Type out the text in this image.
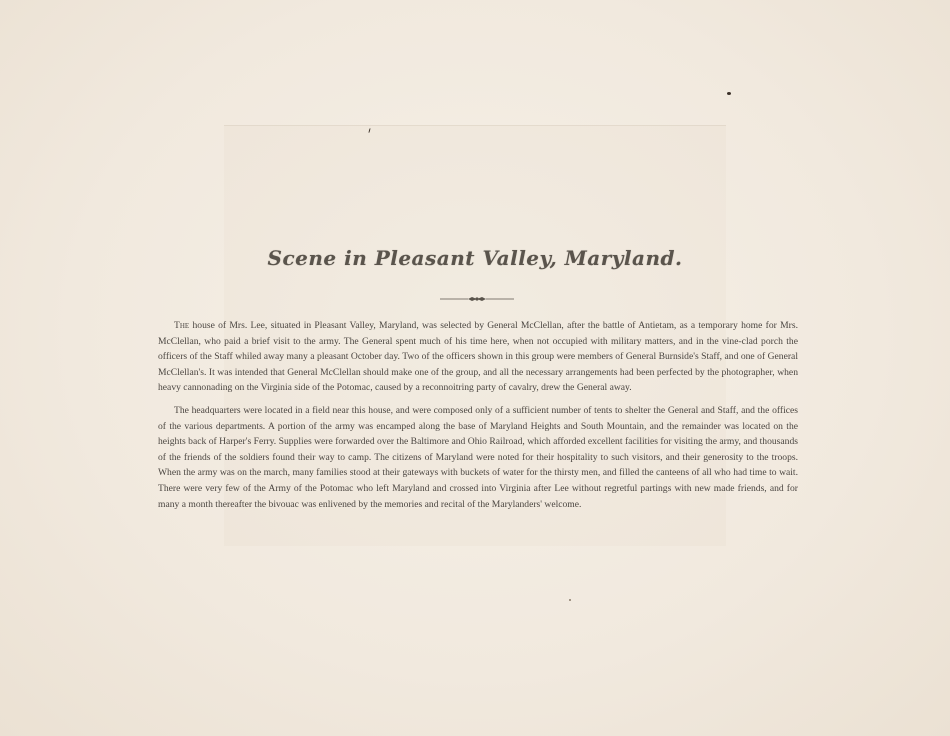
Scene in Pleasant Valley, Maryland.

The house of Mrs. Lee, situated in Pleasant Valley, Maryland, was selected by General McClellan, after the battle of Antietam, as a temporary home for Mrs. McClellan, who paid a brief visit to the army. The General spent much of his time here, when not occupied with military matters, and in the vine-clad porch the officers of the Staff whiled away many a pleasant October day. Two of the officers shown in this group were members of General Burnside's Staff, and one of General McClellan's. It was intended that General McClellan should make one of the group, and all the necessary arrangements had been perfected by the photographer, when heavy cannonading on the Virginia side of the Potomac, caused by a reconnoitring party of cavalry, drew the General away.

The headquarters were located in a field near this house, and were composed only of a sufficient number of tents to shelter the General and Staff, and the offices of the various departments. A portion of the army was encamped along the base of Maryland Heights and South Mountain, and the remainder was located on the heights back of Harper's Ferry. Supplies were forwarded over the Baltimore and Ohio Railroad, which afforded excellent facilities for visiting the army, and thousands of the friends of the soldiers found their way to camp. The citizens of Maryland were noted for their hospitality to such visitors, and their generosity to the troops. When the army was on the march, many families stood at their gateways with buckets of water for the thirsty men, and filled the canteens of all who had time to wait. There were very few of the Army of the Potomac who left Maryland and crossed into Virginia after Lee without regretful partings with new made friends, and for many a month thereafter the bivouac was enlivened by the memories and recital of the Marylanders' welcome.
